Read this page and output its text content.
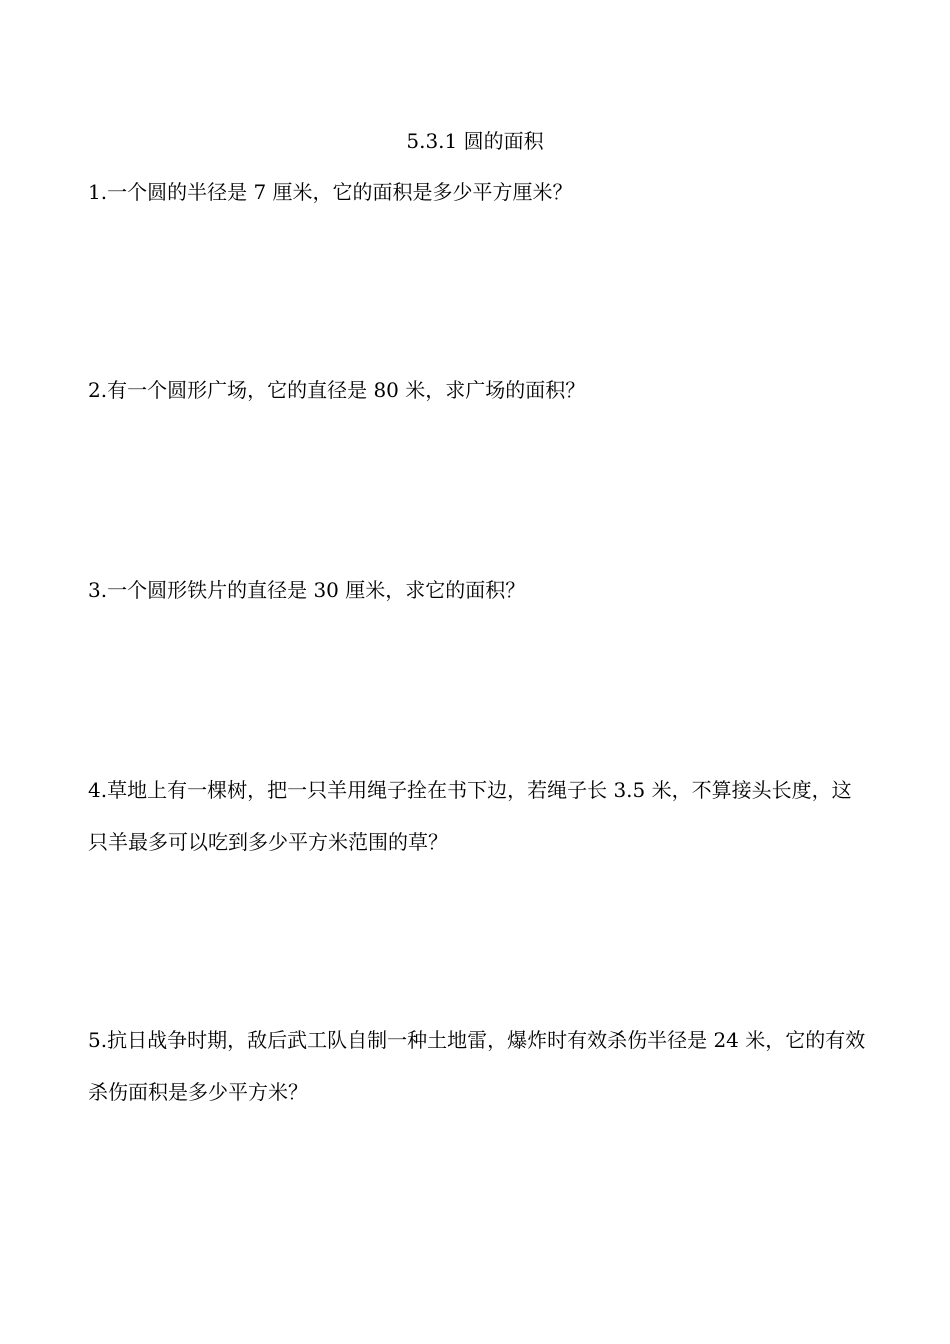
5.3.1 圆的面积

1.一个圆的半径是 7 厘米，它的面积是多少平方厘米？

2.有一个圆形广场，它的直径是 80 米，求广场的面积？

3.一个圆形铁片的直径是 30 厘米，求它的面积？

4.草地上有一棵树，把一只羊用绳子拴在书下边，若绳子长 3.5 米，不算接头长度，这只羊最多可以吃到多少平方米范围的草？

5.抗日战争时期，敌后武工队自制一种土地雷，爆炸时有效杀伤半径是 24 米，它的有效杀伤面积是多少平方米？
